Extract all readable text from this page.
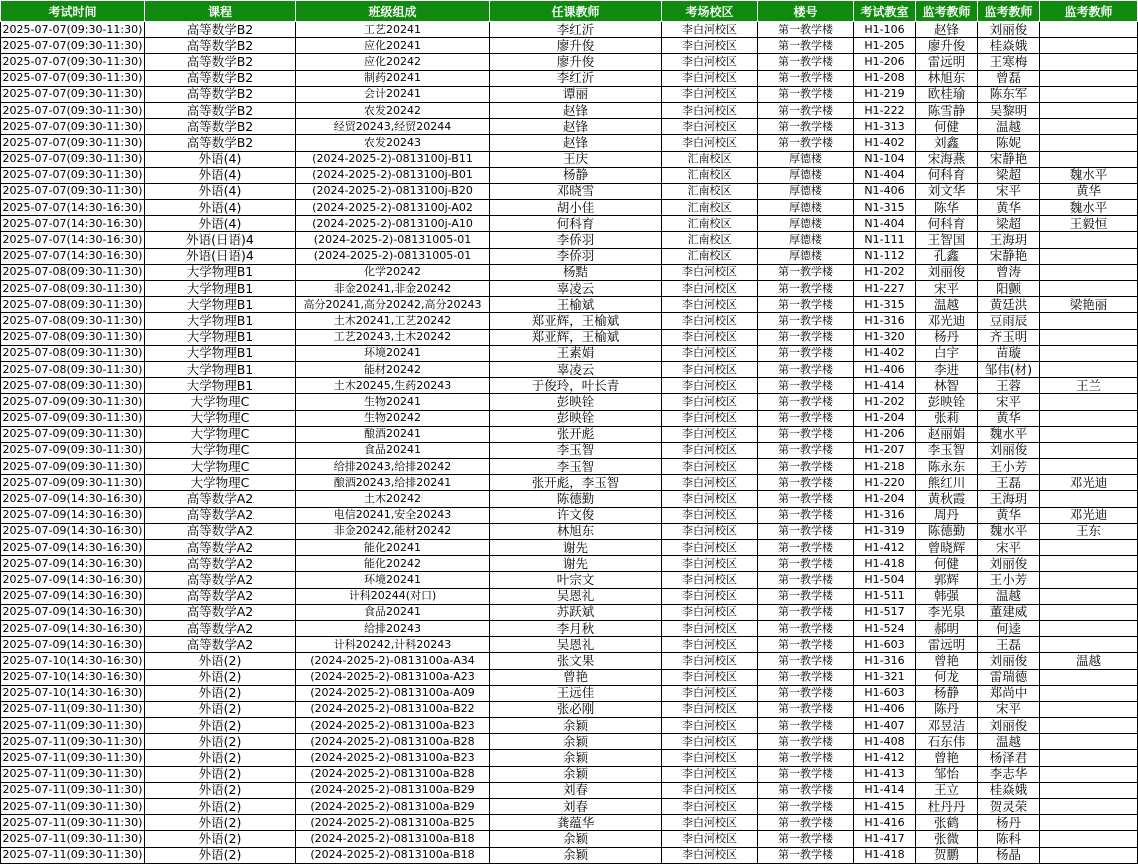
考试时间	课程	班级组成	任课教师	考场校区	楼号	考试教室	监考教师	监考教师	监考教师
2025-07-07(09:30-11:30)	高等数学B2	工艺20241	李红沂	李白河校区	第一教学楼	H1-106	赵锋	刘丽俊	
2025-07-07(09:30-11:30)	高等数学B2	应化20241	廖升俊	李白河校区	第一教学楼	H1-205	廖升俊	桂焱娥	
2025-07-07(09:30-11:30)	高等数学B2	应化20242	廖升俊	李白河校区	第一教学楼	H1-206	雷远明	王寒梅	
2025-07-07(09:30-11:30)	高等数学B2	制药20241	李红沂	李白河校区	第一教学楼	H1-208	林旭东	曾磊	
2025-07-07(09:30-11:30)	高等数学B2	会计20241	谭丽	李白河校区	第一教学楼	H1-219	欧桂瑜	陈东军	
2025-07-07(09:30-11:30)	高等数学B2	农发20242	赵锋	李白河校区	第一教学楼	H1-222	陈雪静	吴黎明	
2025-07-07(09:30-11:30)	高等数学B2	经贸20243,经贸20244	赵锋	李白河校区	第一教学楼	H1-313	何健	温越	
2025-07-07(09:30-11:30)	高等数学B2	农发20243	赵锋	李白河校区	第一教学楼	H1-402	刘鑫	陈妮	
2025-07-07(09:30-11:30)	外语(4)	(2024-2025-2)-0813100j-B11	王庆	汇南校区	厚德楼	N1-104	宋海燕	宋静艳	
2025-07-07(09:30-11:30)	外语(4)	(2024-2025-2)-0813100j-B01	杨静	汇南校区	厚德楼	N1-404	何科育	梁超	魏水平
2025-07-07(09:30-11:30)	外语(4)	(2024-2025-2)-0813100j-B20	邓晓雪	汇南校区	厚德楼	N1-406	刘文华	宋平	黄华
2025-07-07(14:30-16:30)	外语(4)	(2024-2025-2)-0813100j-A02	胡小佳	汇南校区	厚德楼	N1-315	陈华	黄华	魏水平
2025-07-07(14:30-16:30)	外语(4)	(2024-2025-2)-0813100j-A10	何科育	汇南校区	厚德楼	N1-404	何科育	梁超	王毅恒
2025-07-07(14:30-16:30)	外语(日语)4	(2024-2025-2)-08131005-01	李侨羽	汇南校区	厚德楼	N1-111	王智国	王海玥	
2025-07-07(14:30-16:30)	外语(日语)4	(2024-2025-2)-08131005-01	李侨羽	汇南校区	厚德楼	N1-112	孔鑫	宋静艳	
2025-07-08(09:30-11:30)	大学物理B1	化学20242	杨黠	李白河校区	第一教学楼	H1-202	刘丽俊	曾涛	
2025-07-08(09:30-11:30)	大学物理B1	非金20241,非金20242	辜凌云	李白河校区	第一教学楼	H1-227	宋平	阳颤	
2025-07-08(09:30-11:30)	大学物理B1	高分20241,高分20242,高分20243	王榆斌	李白河校区	第一教学楼	H1-315	温越	黄廷洪	梁艳丽
2025-07-08(09:30-11:30)	大学物理B1	土木20241,工艺20242	郑亚辉，王榆斌	李白河校区	第一教学楼	H1-316	邓光迪	豆雨辰	
2025-07-08(09:30-11:30)	大学物理B1	工艺20243,土木20242	郑亚辉，王榆斌	李白河校区	第一教学楼	H1-320	杨丹	齐玉明	
2025-07-08(09:30-11:30)	大学物理B1	环境20241	王素娟	李白河校区	第一教学楼	H1-402	白宇	苗璇	
2025-07-08(09:30-11:30)	大学物理B1	能材20242	辜凌云	李白河校区	第一教学楼	H1-406	李进	邹伟(材)	
2025-07-08(09:30-11:30)	大学物理B1	土木20245,生药20243	于俊玲，叶长青	李白河校区	第一教学楼	H1-414	林智	王蓉	王兰
2025-07-09(09:30-11:30)	大学物理C	生物20241	彭映铨	李白河校区	第一教学楼	H1-202	彭映铨	宋平	
2025-07-09(09:30-11:30)	大学物理C	生物20242	彭映铨	李白河校区	第一教学楼	H1-204	张莉	黄华	
2025-07-09(09:30-11:30)	大学物理C	酿酒20241	张开彪	李白河校区	第一教学楼	H1-206	赵丽娟	魏水平	
2025-07-09(09:30-11:30)	大学物理C	食品20241	李玉智	李白河校区	第一教学楼	H1-207	李玉智	刘丽俊	
2025-07-09(09:30-11:30)	大学物理C	给排20243,给排20242	李玉智	李白河校区	第一教学楼	H1-218	陈永东	王小芳	
2025-07-09(09:30-11:30)	大学物理C	酿酒20243,给排20241	张开彪，李玉智	李白河校区	第一教学楼	H1-220	熊红川	王磊	邓光迪
2025-07-09(14:30-16:30)	高等数学A2	土木20242	陈德勤	李白河校区	第一教学楼	H1-204	黄秋霞	王海玥	
2025-07-09(14:30-16:30)	高等数学A2	电信20241,安全20243	许文俊	李白河校区	第一教学楼	H1-316	周丹	黄华	邓光迪
2025-07-09(14:30-16:30)	高等数学A2	非金20242,能材20242	林旭东	李白河校区	第一教学楼	H1-319	陈德勤	魏水平	王东
2025-07-09(14:30-16:30)	高等数学A2	能化20241	谢先	李白河校区	第一教学楼	H1-412	曾晓辉	宋平	
2025-07-09(14:30-16:30)	高等数学A2	能化20242	谢先	李白河校区	第一教学楼	H1-418	何健	刘丽俊	
2025-07-09(14:30-16:30)	高等数学A2	环境20241	叶宗文	李白河校区	第一教学楼	H1-504	郭辉	王小芳	
2025-07-09(14:30-16:30)	高等数学A2	计科20244(对口)	吴恩礼	李白河校区	第一教学楼	H1-511	韩强	温越	
2025-07-09(14:30-16:30)	高等数学A2	食品20241	苏跃斌	李白河校区	第一教学楼	H1-517	李光泉	董建威	
2025-07-09(14:30-16:30)	高等数学A2	给排20243	李月秋	李白河校区	第一教学楼	H1-524	郝明	何逵	
2025-07-09(14:30-16:30)	高等数学A2	计科20242,计科20243	吴恩礼	李白河校区	第一教学楼	H1-603	雷远明	王磊	
2025-07-10(14:30-16:30)	外语(2)	(2024-2025-2)-0813100a-A34	张文果	李白河校区	第一教学楼	H1-316	曾艳	刘丽俊	温越
2025-07-10(14:30-16:30)	外语(2)	(2024-2025-2)-0813100a-A23	曾艳	李白河校区	第一教学楼	H1-321	何龙	雷瑞德	
2025-07-10(14:30-16:30)	外语(2)	(2024-2025-2)-0813100a-A09	王远佳	李白河校区	第一教学楼	H1-603	杨静	郑尚中	
2025-07-11(09:30-11:30)	外语(2)	(2024-2025-2)-0813100a-B22	张必刚	李白河校区	第一教学楼	H1-406	陈丹	宋平	
2025-07-11(09:30-11:30)	外语(2)	(2024-2025-2)-0813100a-B23	余颖	李白河校区	第一教学楼	H1-407	邓昱洁	刘丽俊	
2025-07-11(09:30-11:30)	外语(2)	(2024-2025-2)-0813100a-B28	余颖	李白河校区	第一教学楼	H1-408	石东伟	温越	
2025-07-11(09:30-11:30)	外语(2)	(2024-2025-2)-0813100a-B23	余颖	李白河校区	第一教学楼	H1-412	曾艳	杨泽君	
2025-07-11(09:30-11:30)	外语(2)	(2024-2025-2)-0813100a-B28	余颖	李白河校区	第一教学楼	H1-413	邹怡	李志华	
2025-07-11(09:30-11:30)	外语(2)	(2024-2025-2)-0813100a-B29	刘春	李白河校区	第一教学楼	H1-414	王立	桂焱娥	
2025-07-11(09:30-11:30)	外语(2)	(2024-2025-2)-0813100a-B29	刘春	李白河校区	第一教学楼	H1-415	杜丹丹	贺灵荣	
2025-07-11(09:30-11:30)	外语(2)	(2024-2025-2)-0813100a-B25	龚蕴华	李白河校区	第一教学楼	H1-416	张鹤	杨丹	
2025-07-11(09:30-11:30)	外语(2)	(2024-2025-2)-0813100a-B18	余颖	李白河校区	第一教学楼	H1-417	张微	陈科	
2025-07-11(09:30-11:30)	外语(2)	(2024-2025-2)-0813100a-B18	余颖	李白河校区	第一教学楼	H1-418	贺鹏	杨晶	
